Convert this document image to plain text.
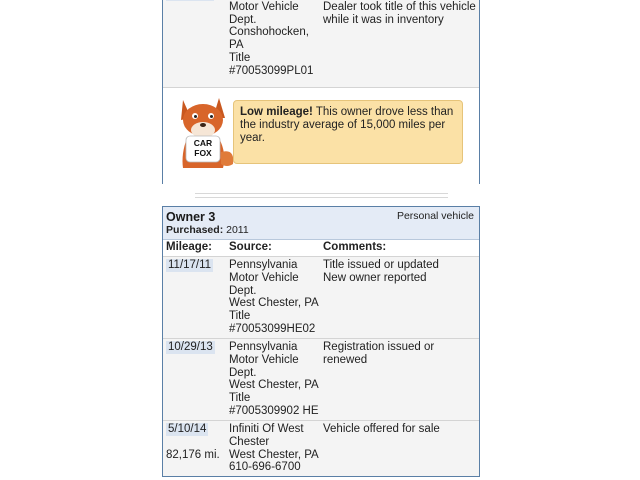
Motor Vehicle
Dept.
Conshohocken,
PA
Title
#70053099PL01
Dealer took title of this vehicle while it was in inventory
CAR
FOX
Low mileage! This owner drove less than the industry average of 15,000 miles per year.
Owner 3
Purchased: 2011
Personal vehicle
Mileage: Source:	Comments:
11/17/11 Pennsylvania
Motor Vehicle
Dept.
West Chester, PA
Title
#70053099HE02
Title issued or updated
New owner reported
10/29/13 Pennsylvania
Motor Vehicle
Dept.
West Chester, PA
Title
#7005309902 HE
Registration issued or renewed
5/10/14
82,176 mi.
Infiniti Of West
Chester
West Chester, PA
610-696-6700
Vehicle offered for sale
